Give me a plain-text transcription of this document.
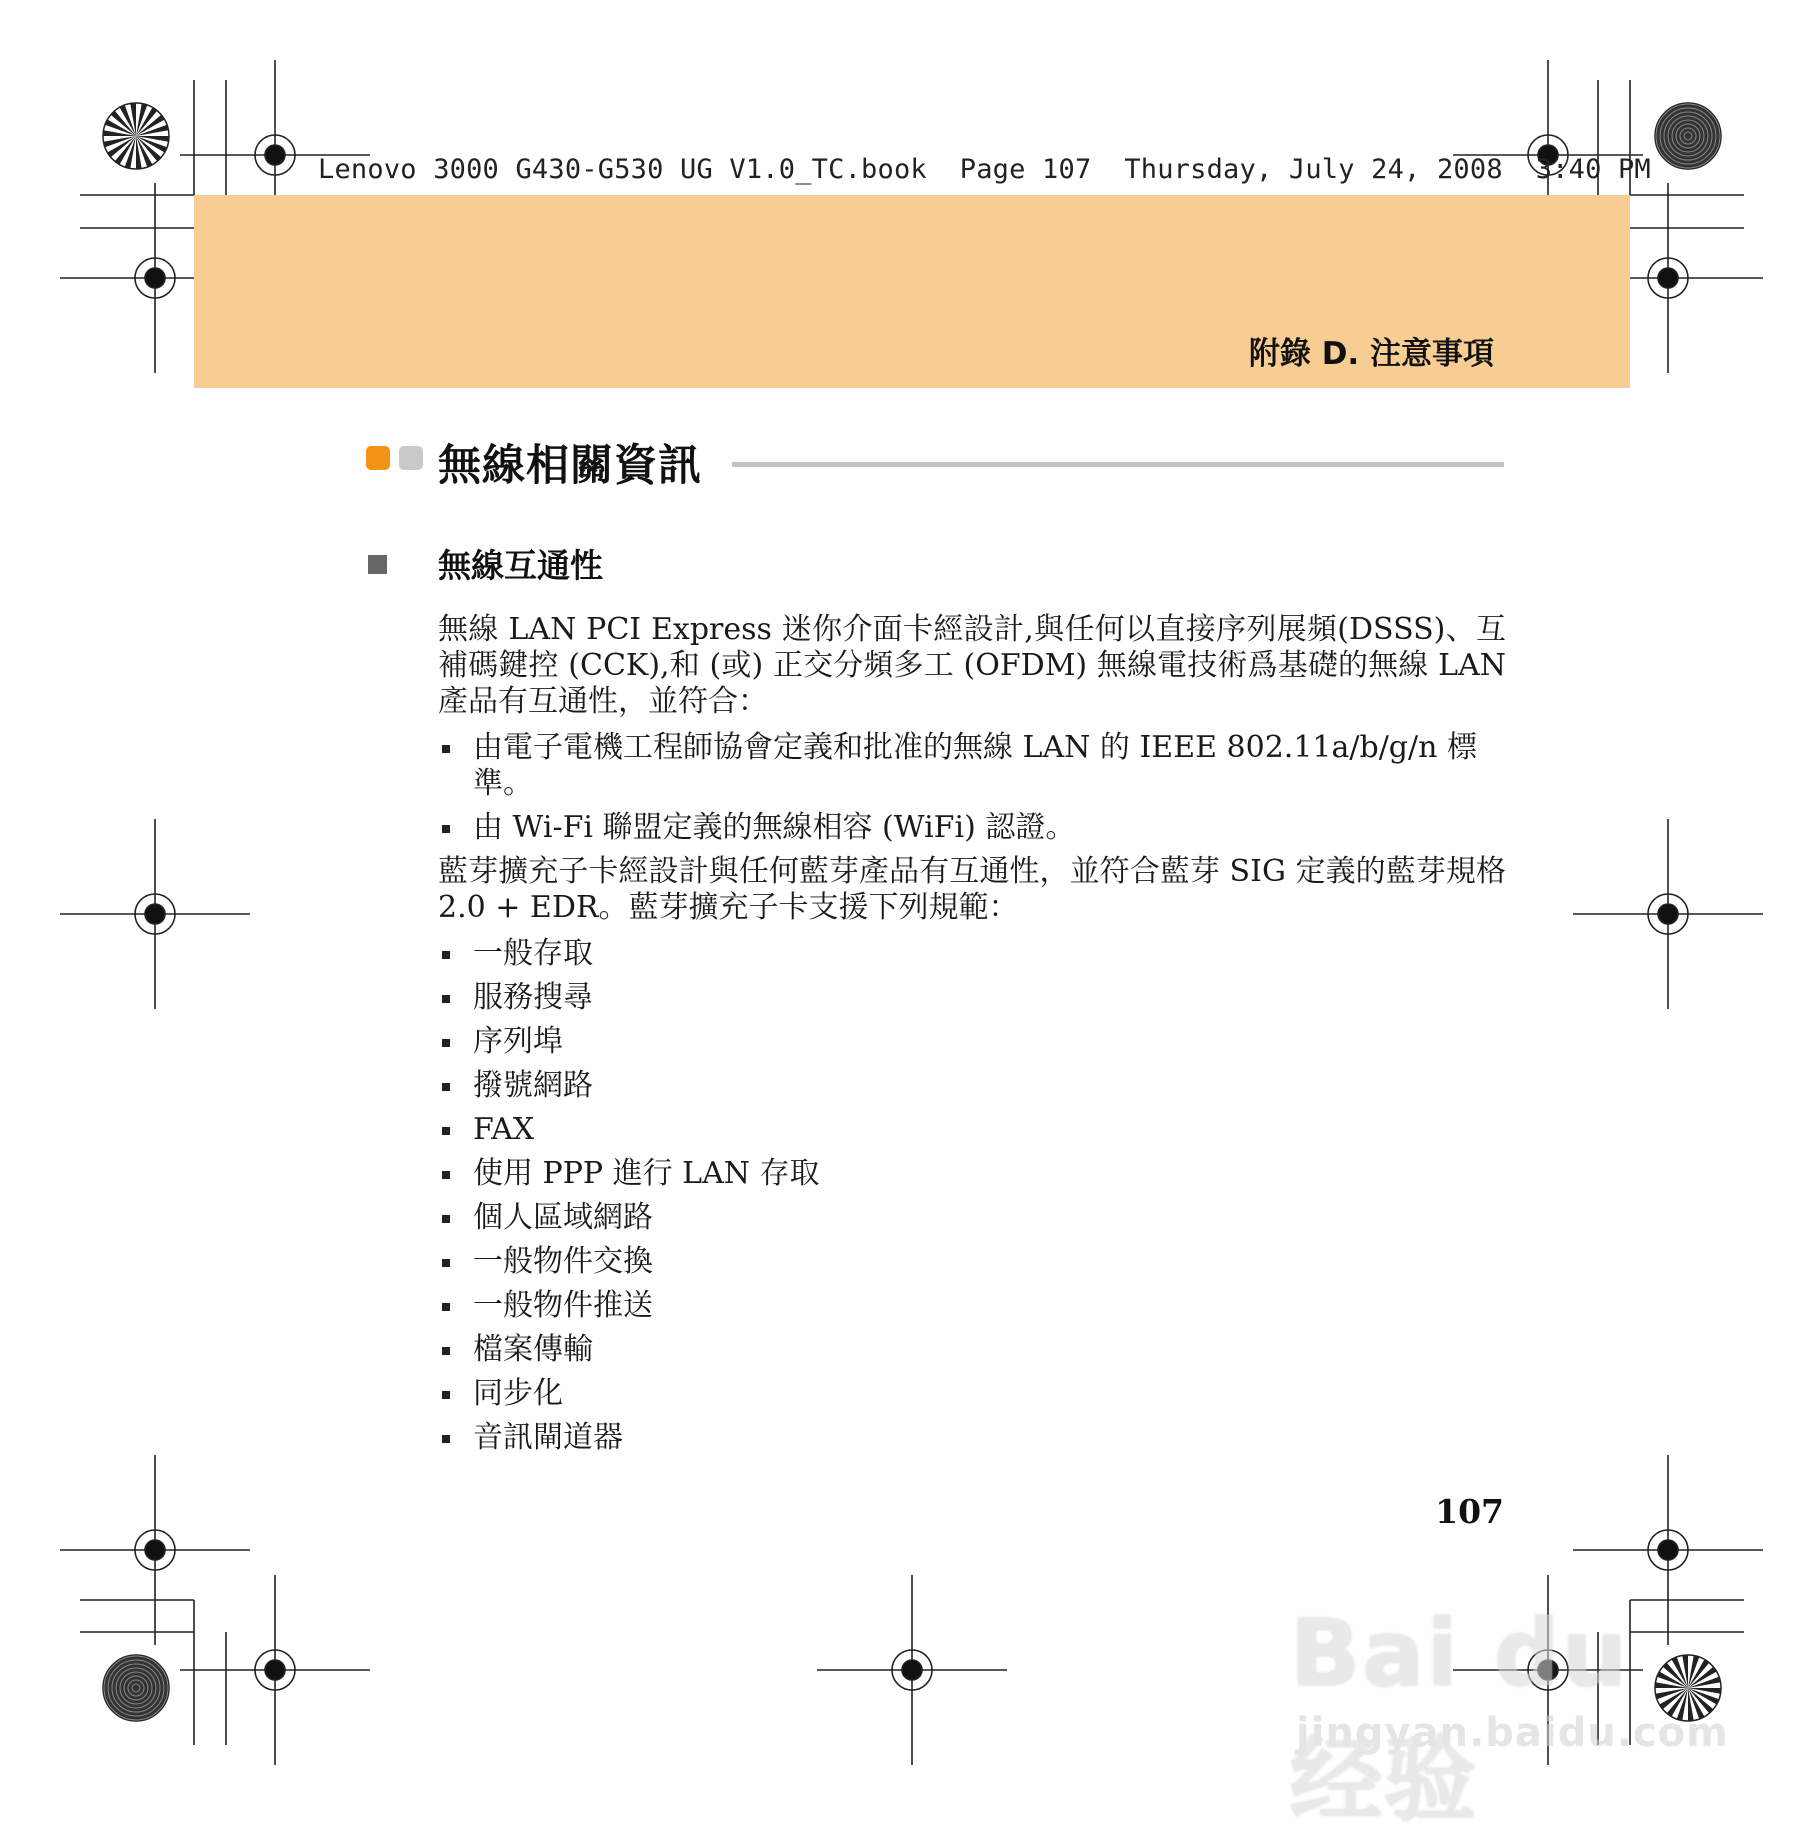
Lenovo 3000 G430-G530 UG V1.0_TC.book  Page 107  Thursday, July 24, 2008  3:40 PM
附錄 D. 注意事項
無線相關資訊
無線互通性

無線 LAN PCI Express 迷你介面卡經設計,與任何以直接序列展頻(DSSS)、互補碼鍵控 (CCK),和 (或) 正交分頻多工 (OFDM) 無線電技術爲基礎的無線 LAN 產品有互通性，並符合：

由電子電機工程師協會定義和批准的無線 LAN 的 IEEE 802.11a/b/g/n 標準。
由 Wi-Fi 聯盟定義的無線相容 (WiFi) 認證。

藍芽擴充子卡經設計與任何藍芽產品有互通性，並符合藍芽 SIG 定義的藍芽規格 2.0 + EDR。藍芽擴充子卡支援下列規範：

一般存取
服務搜尋
序列埠
撥號網路
FAX
使用 PPP 進行 LAN 存取
個人區域網路
一般物件交換
一般物件推送
檔案傳輸
同步化
音訊閘道器
107
Bai du 经验
jingyan.baidu.com
